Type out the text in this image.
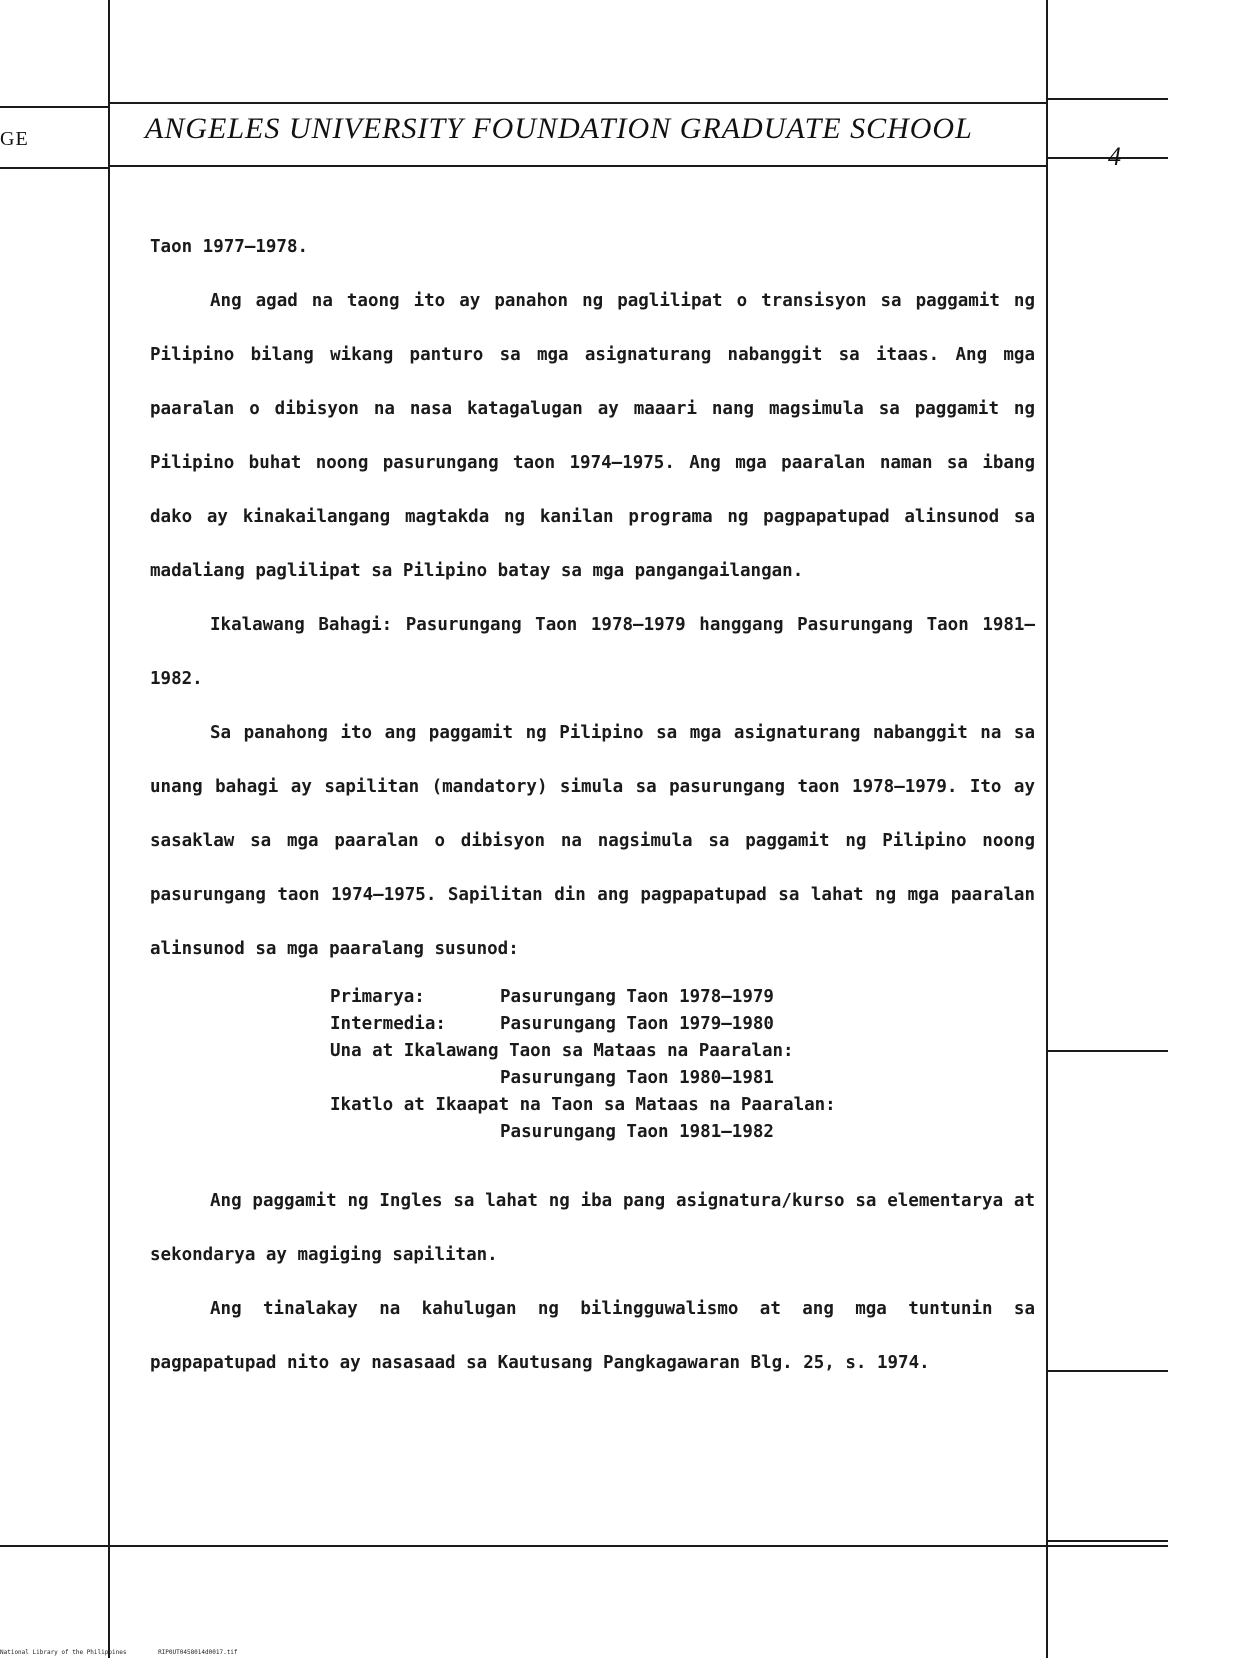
GE	ANGELES UNIVERSITY FOUNDATION GRADUATE SCHOOL
4

Taon 1977–1978.

Ang agad na taong ito ay panahon ng paglilipat o transisyon sa paggamit ng Pilipino bilang wikang panturo sa mga asignaturang nabanggit sa itaas. Ang mga paaralan o dibisyon na nasa katagalugan ay maaari nang magsimula sa paggamit ng Pilipino buhat noong pasurungang taon 1974–1975. Ang mga paaralan naman sa ibang dako ay kinakailangang magtakda ng kanilan programa ng pagpapatupad alinsunod sa madaliang paglilipat sa Pilipino batay sa mga pangangailangan.

Ikalawang Bahagi: Pasurungang Taon 1978–1979 hanggang Pasurungang Taon 1981–1982.

Sa panahong ito ang paggamit ng Pilipino sa mga asignaturang nabanggit na sa unang bahagi ay sapilitan (mandatory) simula sa pasurungang taon 1978–1979. Ito ay sasaklaw sa mga paaralan o dibisyon na nagsimula sa paggamit ng Pilipino noong pasurungang taon 1974–1975. Sapilitan din ang pagpapatupad sa lahat ng mga paaralan alinsunod sa mga paaralang susunod:

Primarya:	Pasurungang Taon 1978–1979
Intermedia:	Pasurungang Taon 1979–1980
Una at Ikalawang Taon sa Mataas na Paaralan:
Pasurungang Taon 1980–1981
Ikatlo at Ikaapat na Taon sa Mataas na Paaralan:
Pasurungang Taon 1981–1982

Ang paggamit ng Ingles sa lahat ng iba pang asignatura/kurso sa elementarya at sekondarya ay magiging sapilitan.

Ang tinalakay na kahulugan ng bilingguwalismo at ang mga tuntunin sa pagpapatupad nito ay nasasaad sa Kautusang Pangkagawaran Blg. 25, s. 1974.

National Library of the Philippines	RIP0UT0458014d0017.tif
